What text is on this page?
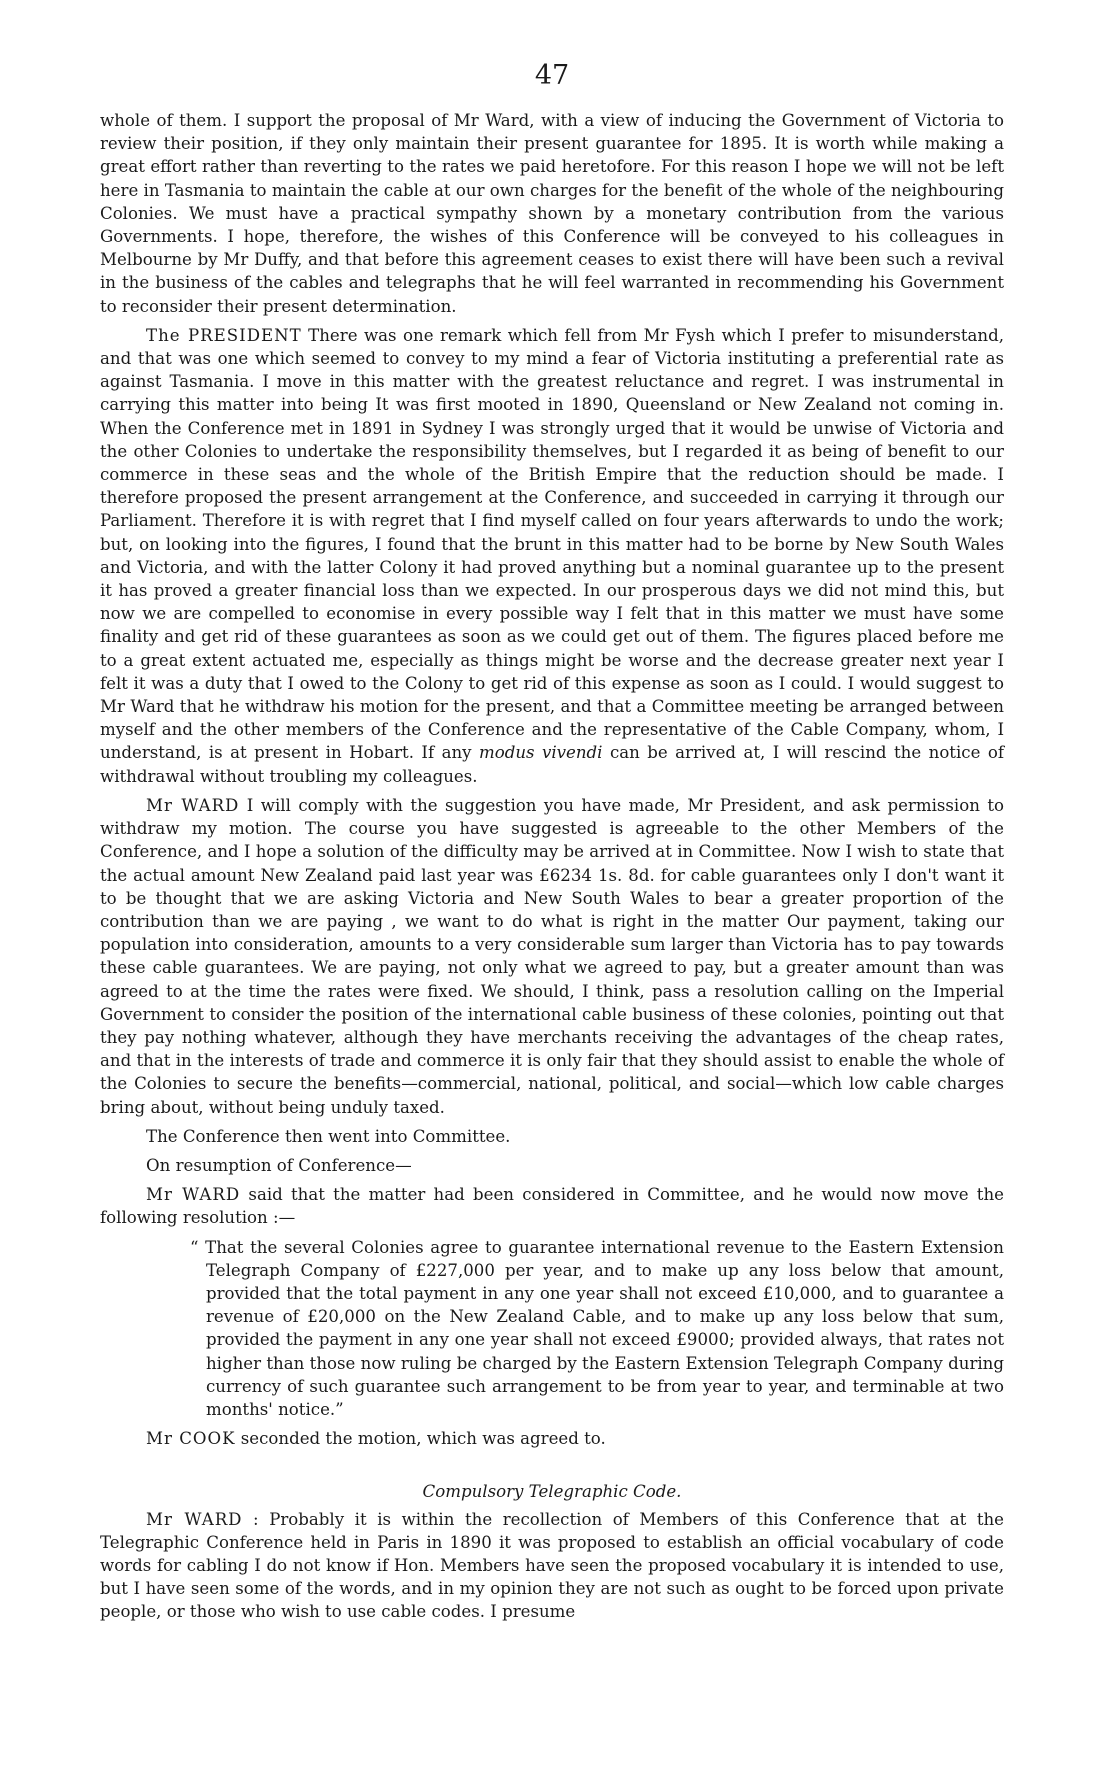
47

whole of them. I support the proposal of Mr Ward, with a view of inducing the Government of Victoria to review their position, if they only maintain their present guarantee for 1895. It is worth while making a great effort rather than reverting to the rates we paid heretofore. For this reason I hope we will not be left here in Tasmania to maintain the cable at our own charges for the benefit of the whole of the neighbouring Colonies. We must have a practical sympathy shown by a monetary contribution from the various Governments. I hope, therefore, the wishes of this Conference will be conveyed to his colleagues in Melbourne by Mr Duffy, and that before this agreement ceases to exist there will have been such a revival in the business of the cables and telegraphs that he will feel warranted in recommending his Government to reconsider their present determination.

The PRESIDENT There was one remark which fell from Mr Fysh which I prefer to misunderstand, and that was one which seemed to convey to my mind a fear of Victoria instituting a preferential rate as against Tasmania. I move in this matter with the greatest reluctance and regret. I was instrumental in carrying this matter into being It was first mooted in 1890, Queensland or New Zealand not coming in. When the Conference met in 1891 in Sydney I was strongly urged that it would be unwise of Victoria and the other Colonies to undertake the responsibility themselves, but I regarded it as being of benefit to our commerce in these seas and the whole of the British Empire that the reduction should be made. I therefore proposed the present arrangement at the Conference, and succeeded in carrying it through our Parliament. Therefore it is with regret that I find myself called on four years afterwards to undo the work; but, on looking into the figures, I found that the brunt in this matter had to be borne by New South Wales and Victoria, and with the latter Colony it had proved anything but a nominal guarantee up to the present it has proved a greater financial loss than we expected. In our prosperous days we did not mind this, but now we are compelled to economise in every possible way I felt that in this matter we must have some finality and get rid of these guarantees as soon as we could get out of them. The figures placed before me to a great extent actuated me, especially as things might be worse and the decrease greater next year I felt it was a duty that I owed to the Colony to get rid of this expense as soon as I could. I would suggest to Mr Ward that he withdraw his motion for the present, and that a Committee meeting be arranged between myself and the other members of the Conference and the representative of the Cable Company, whom, I understand, is at present in Hobart. If any modus vivendi can be arrived at, I will rescind the notice of withdrawal without troubling my colleagues.

Mr WARD I will comply with the suggestion you have made, Mr President, and ask permission to withdraw my motion. The course you have suggested is agreeable to the other Members of the Conference, and I hope a solution of the difficulty may be arrived at in Committee. Now I wish to state that the actual amount New Zealand paid last year was £6234 1s. 8d. for cable guarantees only I don't want it to be thought that we are asking Victoria and New South Wales to bear a greater proportion of the contribution than we are paying , we want to do what is right in the matter Our payment, taking our population into consideration, amounts to a very considerable sum larger than Victoria has to pay towards these cable guarantees. We are paying, not only what we agreed to pay, but a greater amount than was agreed to at the time the rates were fixed. We should, I think, pass a resolution calling on the Imperial Government to consider the position of the international cable business of these colonies, pointing out that they pay nothing whatever, although they have merchants receiving the advantages of the cheap rates, and that in the interests of trade and commerce it is only fair that they should assist to enable the whole of the Colonies to secure the benefits—commercial, national, political, and social—which low cable charges bring about, without being unduly taxed.

The Conference then went into Committee.

On resumption of Conference—

Mr WARD said that the matter had been considered in Committee, and he would now move the following resolution :—

“ That the several Colonies agree to guarantee international revenue to the Eastern Extension Telegraph Company of £227,000 per year, and to make up any loss below that amount, provided that the total payment in any one year shall not exceed £10,000, and to guarantee a revenue of £20,000 on the New Zealand Cable, and to make up any loss below that sum, provided the payment in any one year shall not exceed £9000; provided always, that rates not higher than those now ruling be charged by the Eastern Extension Telegraph Company during currency of such guarantee such arrangement to be from year to year, and terminable at two months' notice.”

Mr COOK seconded the motion, which was agreed to.

Compulsory Telegraphic Code.

Mr WARD : Probably it is within the recollection of Members of this Conference that at the Telegraphic Conference held in Paris in 1890 it was proposed to establish an official vocabulary of code words for cabling I do not know if Hon. Members have seen the proposed vocabulary it is intended to use, but I have seen some of the words, and in my opinion they are not such as ought to be forced upon private people, or those who wish to use cable codes. I presume
